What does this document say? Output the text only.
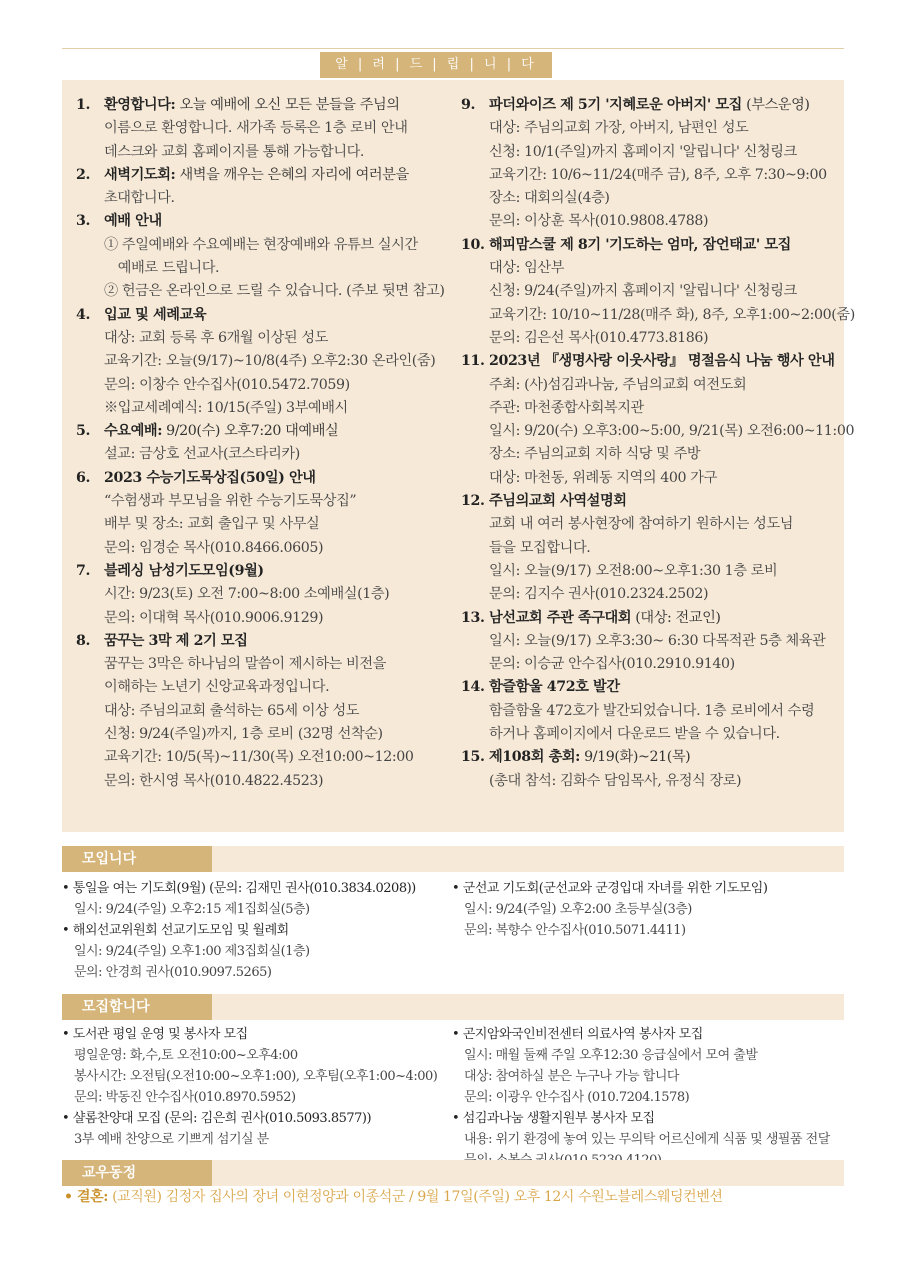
알 | 려 | 드 | 립 | 니 | 다
1. 환영합니다: 오늘 예배에 오신 모든 분들을 주님의
이름으로 환영합니다. 새가족 등록은 1층 로비 안내
데스크와 교회 홈페이지를 통해 가능합니다.
2. 새벽기도회: 새벽을 깨우는 은혜의 자리에 여러분을
초대합니다.
3. 예배 안내
① 주일예배와 수요예배는 현장예배와 유튜브 실시간
　예배로 드립니다.
② 헌금은 온라인으로 드릴 수 있습니다. (주보 뒷면 참고)
4. 입교 및 세례교육
대상: 교회 등록 후 6개월 이상된 성도
교육기간: 오늘(9/17)~10/8(4주) 오후2:30 온라인(줌)
문의: 이창수 안수집사(010.5472.7059)
※입교세례예식: 10/15(주일) 3부예배시
5. 수요예배: 9/20(수) 오후7:20 대예배실
설교: 금상호 선교사(코스타리카)
6. 2023 수능기도묵상집(50일) 안내
“수험생과 부모님을 위한 수능기도묵상집”
배부 및 장소: 교회 출입구 및 사무실
문의: 임경순 목사(010.8466.0605)
7. 블레싱 남성기도모임(9월)
시간: 9/23(토) 오전 7:00~8:00 소예배실(1층)
문의: 이대혁 목사(010.9006.9129)
8. 꿈꾸는 3막 제 2기 모집
꿈꾸는 3막은 하나님의 말씀이 제시하는 비전을
이해하는 노년기 신앙교육과정입니다.
대상: 주님의교회 출석하는 65세 이상 성도
신청: 9/24(주일)까지, 1층 로비 (32명 선착순)
교육기간: 10/5(목)~11/30(목) 오전10:00~12:00
문의: 한시영 목사(010.4822.4523)
9. 파더와이즈 제 5기 '지혜로운 아버지' 모집 (부스운영)
대상: 주님의교회 가장, 아버지, 남편인 성도
신청: 10/1(주일)까지 홈페이지 '알립니다' 신청링크
교육기간: 10/6~11/24(매주 금), 8주, 오후 7:30~9:00
장소: 대회의실(4층)
문의: 이상훈 목사(010.9808.4788)
10. 해피맘스쿨 제 8기 '기도하는 엄마, 잠언태교' 모집
대상: 임산부
신청: 9/24(주일)까지 홈페이지 '알립니다' 신청링크
교육기간: 10/10~11/28(매주 화), 8주, 오후1:00~2:00(줌)
문의: 김은선 목사(010.4773.8186)
11. 2023년 『생명사랑 이웃사랑』 명절음식 나눔 행사 안내
주최: (사)섬김과나눔, 주님의교회 여전도회
주관: 마천종합사회복지관
일시: 9/20(수) 오후3:00~5:00, 9/21(목) 오전6:00~11:00
장소: 주님의교회 지하 식당 및 주방
대상: 마천동, 위례동 지역의 400 가구
12. 주님의교회 사역설명회
교회 내 여러 봉사현장에 참여하기 원하시는 성도님
들을 모집합니다.
일시: 오늘(9/17) 오전8:00~오후1:30 1층 로비
문의: 김지수 권사(010.2324.2502)
13. 남선교회 주관 족구대회 (대상: 전교인)
일시: 오늘(9/17) 오후3:30~ 6:30 다목적관 5층 체육관
문의: 이승균 안수집사(010.2910.9140)
14. 함즐함울 472호 발간
함즐함울 472호가 발간되었습니다. 1층 로비에서 수령
하거나 홈페이지에서 다운로드 받을 수 있습니다.
15. 제108회 총회: 9/19(화)~21(목)
(총대 참석: 김화수 담임목사, 유정식 장로)
모입니다
• 통일을 여는 기도회(9월) (문의: 김재민 권사(010.3834.0208))
일시: 9/24(주일) 오후2:15 제1집회실(5층)
• 해외선교위원회 선교기도모임 및 월례회
일시: 9/24(주일) 오후1:00 제3집회실(1층)
문의: 안경희 권사(010.9097.5265)
• 군선교 기도회(군선교와 군경입대 자녀를 위한 기도모임)
일시: 9/24(주일) 오후2:00 초등부실(3층)
문의: 복향수 안수집사(010.5071.4411)
모집합니다
• 도서관 평일 운영 및 봉사자 모집
평일운영: 화,수,토 오전10:00~오후4:00
봉사시간: 오전팀(오전10:00~오후1:00), 오후팀(오후1:00~4:00)
문의: 박동진 안수집사(010.8970.5952)
• 샬롬찬양대 모집 (문의: 김은희 권사(010.5093.8577))
3부 예배 찬양으로 기쁘게 섬기실 분
• 곤지암와국인비전센터 의료사역 봉사자 모집
일시: 매월 둘째 주일 오후12:30 응급실에서 모여 출발
대상: 참여하실 분은 누구나 가능 합니다
문의: 이광우 안수집사 (010.7204.1578)
• 섬김과나눔 생활지원부 봉사자 모집
내용: 위기 환경에 놓여 있는 무의탁 어르신에게 식품 및 생필품 전달
교우동정
• 결혼: (교직원) 김정자 집사의 장녀 이현정양과 이종석군 / 9월 17일(주일) 오후 12시 수원노블레스웨딩컨벤션
